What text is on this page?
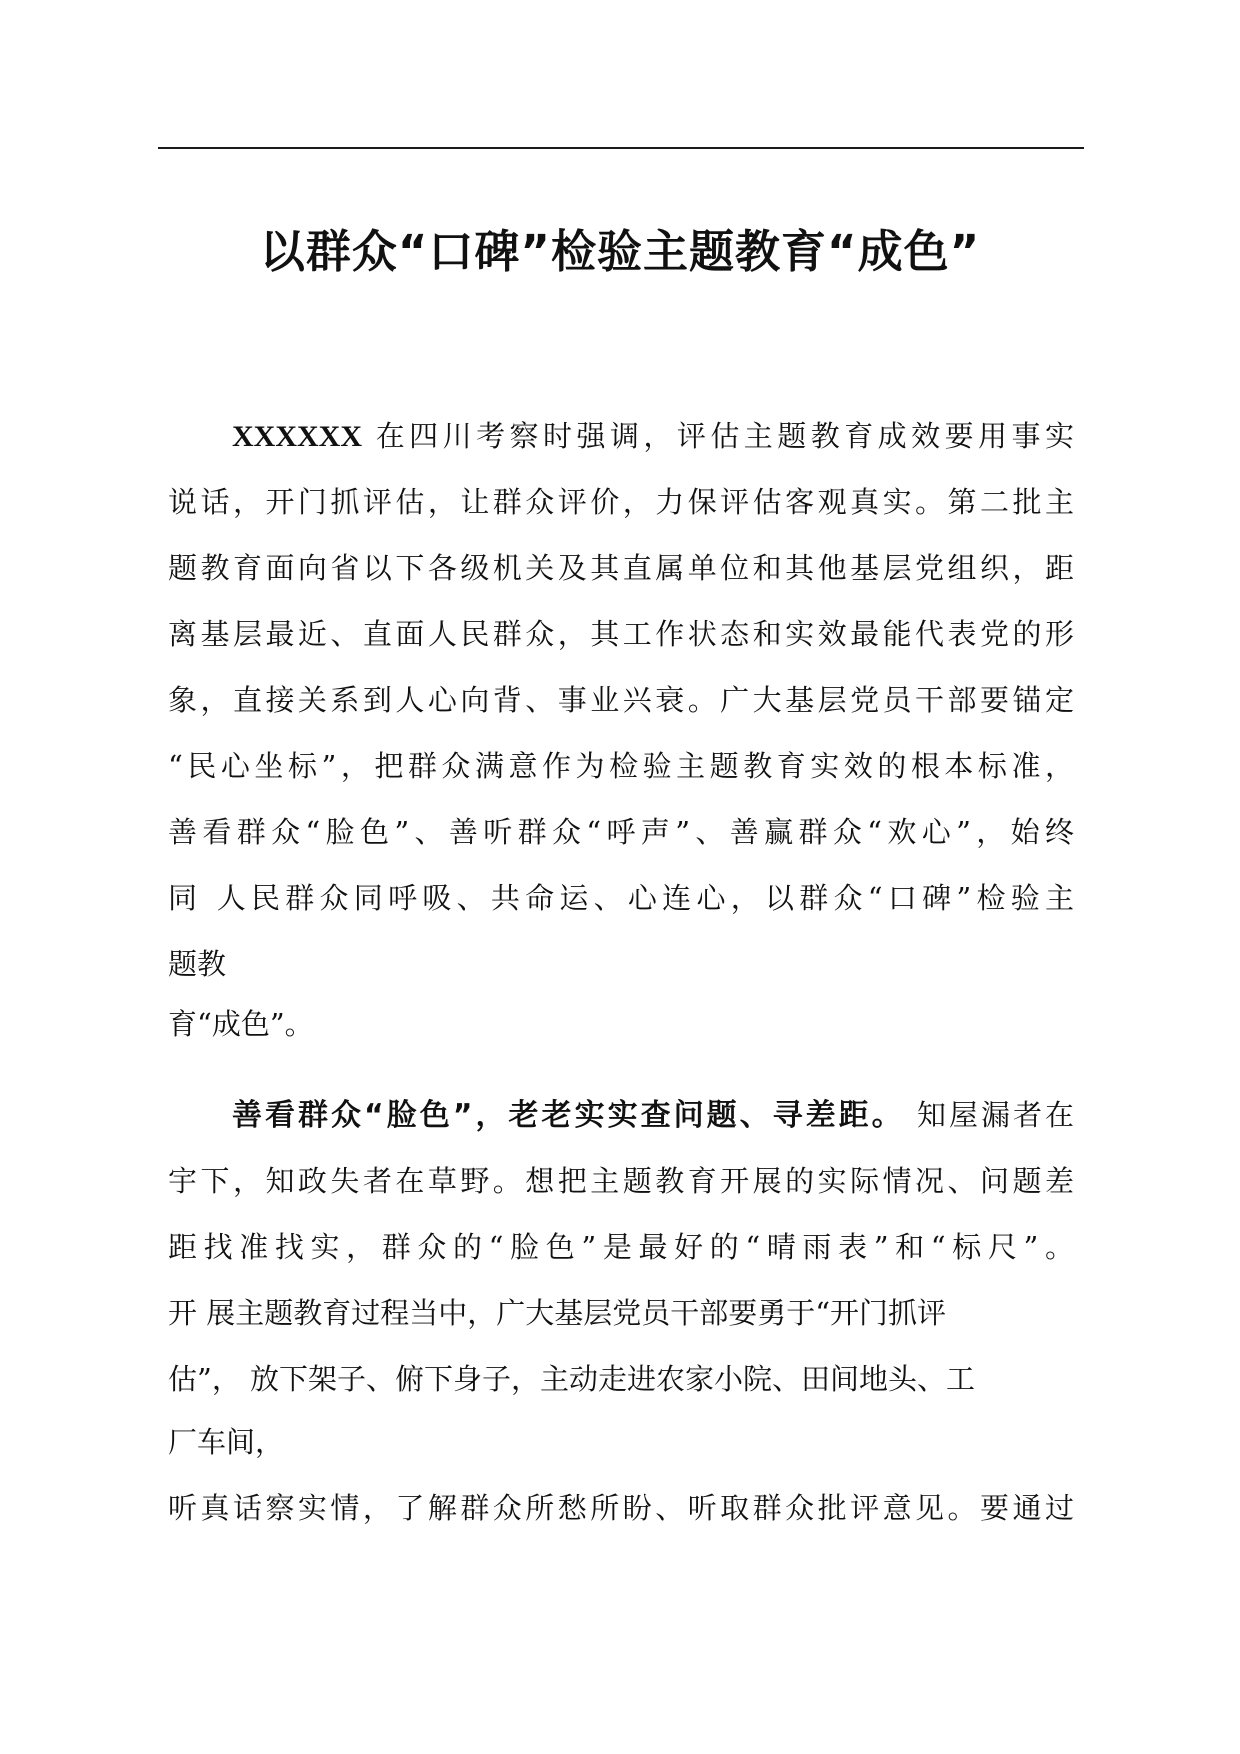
以群众“口碑”检验主题教育“成色”

XXXXXX 在四川考察时强调，评估主题教育成效要用事实

说话，开门抓评估，让群众评价，力保评估客观真实。第二批主

题教育面向省以下各级机关及其直属单位和其他基层党组织，距

离基层最近、直面人民群众，其工作状态和实效最能代表党的形

象，直接关系到人心向背、事业兴衰。广大基层党员干部要锚定

“民心坐标”，把群众满意作为检验主题教育实效的根本标准，

善看群众“脸色”、善听群众“呼声”、善赢群众“欢心”，始终

同 人民群众同呼吸、共命运、心连心，以群众“口碑”检验主

题教

育“成色”。

善看群众“脸色”，老老实实查问题、寻差距。 知屋漏者在

宇下，知政失者在草野。想把主题教育开展的实际情况、问题差

距找准找实，群众的“脸色”是最好的“晴雨表”和“标尺”。

开 展主题教育过程当中，广大基层党员干部要勇于“开门抓评

估”， 放下架子、俯下身子，主动走进农家小院、田间地头、工

厂车间，

听真话察实情，了解群众所愁所盼、听取群众批评意见。要通过
